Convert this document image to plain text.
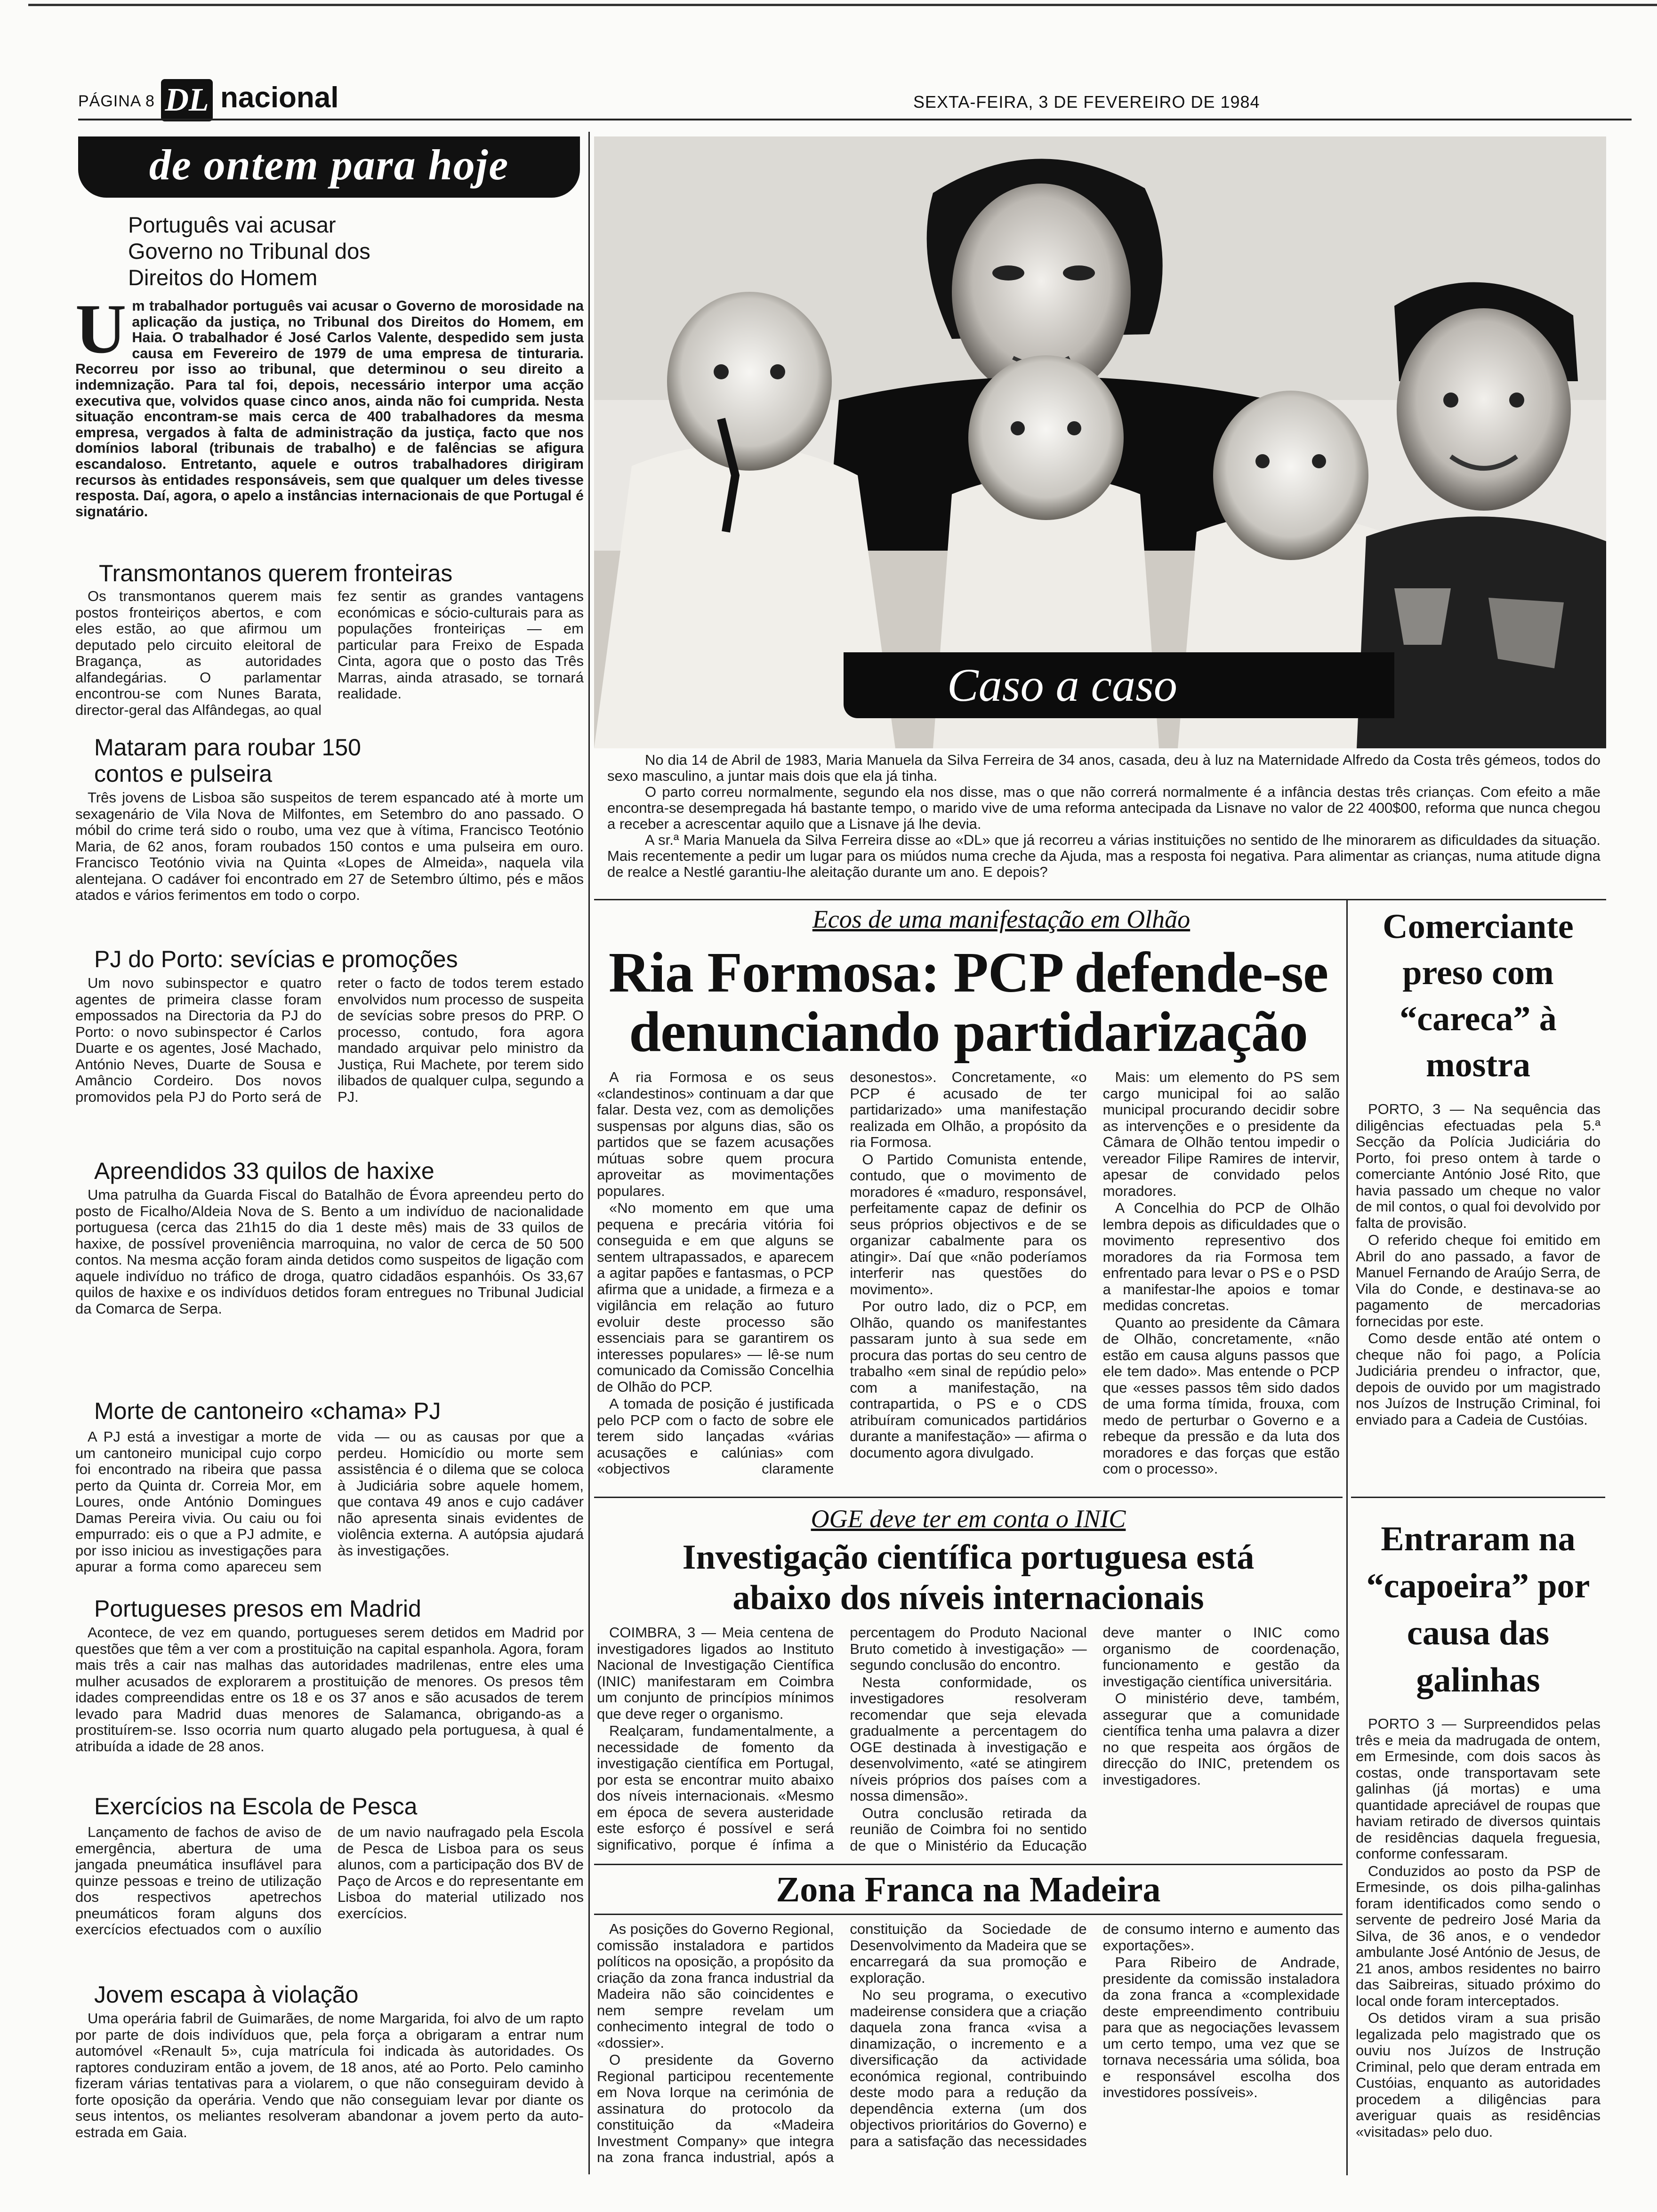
PÁGINA 8 DL nacional	SEXTA-FEIRA, 3 DE FEVEREIRO DE 1984
de ontem para hoje
Português vai acusar Governo no Tribunal dos Direitos do Homem
U m trabalhador português vai acusar o Governo de morosidade na aplicação da justiça, no Tribunal dos Direitos do Homem, em Haia. O trabalhador é José Carlos Valente, despedido sem justa causa em Fevereiro de 1979 de uma empresa de tinturaria. Recorreu por isso ao tribunal, que determinou o seu direito a indemnização. Para tal foi, depois, necessário interpor uma acção executiva que, volvidos quase cinco anos, ainda não foi cumprida. Nesta situação encontram-se mais cerca de 400 trabalhadores da mesma empresa, vergados à falta de administração da justiça, facto que nos domínios laboral (tribunais de trabalho) e de falências se afigura escandaloso. Entretanto, aquele e outros trabalhadores dirigiram recursos às entidades responsáveis, sem que qualquer um deles tivesse resposta. Daí, agora, o apelo a instâncias internacionais de que Portugal é signatário.
Transmontanos querem fronteiras
Os transmontanos querem mais postos fronteiriços abertos, e com eles estão, ao que afirmou um deputado pelo circuito eleitoral de Bragança, as autoridades alfandegárias. O parlamentar encontrou-se com Nunes Barata, director-geral das Alfândegas, ao qual fez sentir as grandes vantagens económicas e sócio-culturais para as populações fronteiriças — em particular para Freixo de Espada Cinta, agora que o posto das Três Marras, ainda atrasado, se tornará realidade.
Mataram para roubar 150 contos e pulseira
Três jovens de Lisboa são suspeitos de terem espancado até à morte um sexagenário de Vila Nova de Milfontes, em Setembro do ano passado. O móbil do crime terá sido o roubo, uma vez que à vítima, Francisco Teotónio Maria, de 62 anos, foram roubados 150 contos e uma pulseira em ouro. Francisco Teotónio vivia na Quinta «Lopes de Almeida», naquela vila alentejana. O cadáver foi encontrado em 27 de Setembro último, pés e mãos atados e vários ferimentos em todo o corpo.
PJ do Porto: sevícias e promoções
Um novo subinspector e quatro agentes de primeira classe foram empossados na Directoria da PJ do Porto: o novo subinspector é Carlos Duarte e os agentes, José Machado, António Neves, Duarte de Sousa e Amâncio Cordeiro. Dos novos promovidos pela PJ do Porto será de reter o facto de todos terem estado envolvidos num processo de suspeita de sevícias sobre presos do PRP. O processo, contudo, fora agora mandado arquivar pelo ministro da Justiça, Rui Machete, por terem sido ilibados de qualquer culpa, segundo a PJ.
Apreendidos 33 quilos de haxixe
Uma patrulha da Guarda Fiscal do Batalhão de Évora apreendeu perto do posto de Ficalho/Aldeia Nova de S. Bento a um indivíduo de nacionalidade portuguesa (cerca das 21h15 do dia 1 deste mês) mais de 33 quilos de haxixe, de possível proveniência marroquina, no valor de cerca de 50 500 contos. Na mesma acção foram ainda detidos como suspeitos de ligação com aquele indivíduo no tráfico de droga, quatro cidadãos espanhóis. Os 33,67 quilos de haxixe e os indivíduos detidos foram entregues no Tribunal Judicial da Comarca de Serpa.
Morte de cantoneiro «chama» PJ
A PJ está a investigar a morte de um cantoneiro municipal cujo corpo foi encontrado na ribeira que passa perto da Quinta dr. Correia Mor, em Loures, onde António Domingues Damas Pereira vivia. Ou caiu ou foi empurrado: eis o que a PJ admite, e por isso iniciou as investigações para apurar a forma como apareceu sem vida — ou as causas por que a perdeu. Homicídio ou morte sem assistência é o dilema que se coloca à Judiciária sobre aquele homem, que contava 49 anos e cujo cadáver não apresenta sinais evidentes de violência externa. A autópsia ajudará às investigações.
Portugueses presos em Madrid
Acontece, de vez em quando, portugueses serem detidos em Madrid por questões que têm a ver com a prostituição na capital espanhola. Agora, foram mais três a cair nas malhas das autoridades madrilenas, entre eles uma mulher acusados de explorarem a prostituição de menores. Os presos têm idades compreendidas entre os 18 e os 37 anos e são acusados de terem levado para Madrid duas menores de Salamanca, obrigando-as a prostituírem-se. Isso ocorria num quarto alugado pela portuguesa, à qual é atribuída a idade de 28 anos.
Exercícios na Escola de Pesca
Lançamento de fachos de aviso de emergência, abertura de uma jangada pneumática insuflável para quinze pessoas e treino de utilização dos respectivos apetrechos pneumáticos foram alguns dos exercícios efectuados com o auxílio de um navio naufragado pela Escola de Pesca de Lisboa para os seus alunos, com a participação dos BV de Paço de Arcos e do representante em Lisboa do material utilizado nos exercícios.
Jovem escapa à violação
Uma operária fabril de Guimarães, de nome Margarida, foi alvo de um rapto por parte de dois indivíduos que, pela força a obrigaram a entrar num automóvel «Renault 5», cuja matrícula foi indicada às autoridades. Os raptores conduziram então a jovem, de 18 anos, até ao Porto. Pelo caminho fizeram várias tentativas para a violarem, o que não conseguiram devido à forte oposição da operária. Vendo que não conseguiam levar por diante os seus intentos, os meliantes resolveram abandonar a jovem perto da auto-estrada em Gaia.
Caso a caso

No dia 14 de Abril de 1983, Maria Manuela da Silva Ferreira de 34 anos, casada, deu à luz na Maternidade Alfredo da Costa três gémeos, todos do sexo masculino, a juntar mais dois que ela já tinha.

O parto correu normalmente, segundo ela nos disse, mas o que não correrá normalmente é a infância destas três crianças. Com efeito a mãe encontra-se desempregada há bastante tempo, o marido vive de uma reforma antecipada da Lisnave no valor de 22 400$00, reforma que nunca chegou a receber a acrescentar aquilo que a Lisnave já lhe devia.

A sr.ª Maria Manuela da Silva Ferreira disse ao «DL» que já recorreu a várias instituições no sentido de lhe minorarem as dificuldades da situação. Mais recentemente a pedir um lugar para os miúdos numa creche da Ajuda, mas a resposta foi negativa. Para alimentar as crianças, numa atitude digna de realce a Nestlé garantiu-lhe aleitação durante um ano. E depois?

Ecos de uma manifestação em Olhão
Ria Formosa: PCP defende-se denunciando partidarização

A ria Formosa e os seus «clandestinos» continuam a dar que falar. Desta vez, com as demolições suspensas por alguns dias, são os partidos que se fazem acusações mútuas sobre quem procura aproveitar as movimentações populares.

«No momento em que uma pequena e precária vitória foi conseguida e em que alguns se sentem ultrapassados, e aparecem a agitar papões e fantasmas, o PCP afirma que a unidade, a firmeza e a vigilância em relação ao futuro evoluir deste processo são essenciais para se garantirem os interesses populares» — lê-se num comunicado da Comissão Concelhia de Olhão do PCP.

A tomada de posição é justificada pelo PCP com o facto de sobre ele terem sido lançadas «várias acusações e calúnias» com «objectivos claramente desonestos». Concretamente, «o PCP é acusado de ter partidarizado» uma manifestação realizada em Olhão, a propósito da ria Formosa.

O Partido Comunista entende, contudo, que o movimento de moradores é «maduro, responsável, perfeitamente capaz de definir os seus próprios objectivos e de se organizar cabalmente para os atingir». Daí que «não poderíamos interferir nas questões do movimento».

Por outro lado, diz o PCP, em Olhão, quando os manifestantes passaram junto à sua sede em procura das portas do seu centro de trabalho «em sinal de repúdio pelo» com a manifestação, na contrapartida, o PS e o CDS atribuíram comunicados partidários durante a manifestação» — afirma o documento agora divulgado.

Mais: um elemento do PS sem cargo municipal foi ao salão municipal procurando decidir sobre as intervenções e o presidente da Câmara de Olhão tentou impedir o vereador Filipe Ramires de intervir, apesar de convidado pelos moradores.

A Concelhia do PCP de Olhão lembra depois as dificuldades que o movimento representivo dos moradores da ria Formosa tem enfrentado para levar o PS e o PSD a manifestar-lhe apoios e tomar medidas concretas.

Quanto ao presidente da Câmara de Olhão, concretamente, «não estão em causa alguns passos que ele tem dado». Mas entende o PCP que «esses passos têm sido dados de uma forma tímida, frouxa, com medo de perturbar o Governo e a rebeque da pressão e da luta dos moradores e das forças que estão com o processo».

Comerciante preso com “careca” à mostra

PORTO, 3 — Na sequência das diligências efectuadas pela 5.ª Secção da Polícia Judiciária do Porto, foi preso ontem à tarde o comerciante António José Rito, que havia passado um cheque no valor de mil contos, o qual foi devolvido por falta de provisão.

O referido cheque foi emitido em Abril do ano passado, a favor de Manuel Fernando de Araújo Serra, de Vila do Conde, e destinava-se ao pagamento de mercadorias fornecidas por este.

Como desde então até ontem o cheque não foi pago, a Polícia Judiciária prendeu o infractor, que, depois de ouvido por um magistrado nos Juízos de Instrução Criminal, foi enviado para a Cadeia de Custóias.

Entraram na “capoeira” por causa das galinhas

PORTO 3 — Surpreendidos pelas três e meia da madrugada de ontem, em Ermesinde, com dois sacos às costas, onde transportavam sete galinhas (já mortas) e uma quantidade apreciável de roupas que haviam retirado de diversos quintais de residências daquela freguesia, conforme confessaram.

Conduzidos ao posto da PSP de Ermesinde, os dois pilha-galinhas foram identificados como sendo o servente de pedreiro José Maria da Silva, de 36 anos, e o vendedor ambulante José António de Jesus, de 21 anos, ambos residentes no bairro das Saibreiras, situado próximo do local onde foram interceptados.

Os detidos viram a sua prisão legalizada pelo magistrado que os ouviu nos Juízos de Instrução Criminal, pelo que deram entrada em Custóias, enquanto as autoridades procedem a diligências para averiguar quais as residências «visitadas» pelo duo.

OGE deve ter em conta o INIC
Investigação científica portuguesa está abaixo dos níveis internacionais

COIMBRA, 3 — Meia centena de investigadores ligados ao Instituto Nacional de Investigação Científica (INIC) manifestaram em Coimbra um conjunto de princípios mínimos que deve reger o organismo.

Realçaram, fundamentalmente, a necessidade de fomento da investigação científica em Portugal, por esta se encontrar muito abaixo dos níveis internacionais. «Mesmo em época de severa austeridade este esforço é possível e será significativo, porque é ínfima a percentagem do Produto Nacional Bruto cometido à investigação» — segundo conclusão do encontro.

Nesta conformidade, os investigadores resolveram recomendar que seja elevada gradualmente a percentagem do OGE destinada à investigação e desenvolvimento, «até se atingirem níveis próprios dos países com a nossa dimensão».

Outra conclusão retirada da reunião de Coimbra foi no sentido de que o Ministério da Educação deve manter o INIC como organismo de coordenação, funcionamento e gestão da investigação científica universitária.

O ministério deve, também, assegurar que a comunidade científica tenha uma palavra a dizer no que respeita aos órgãos de direcção do INIC, pretendem os investigadores.

Zona Franca na Madeira

As posições do Governo Regional, comissão instaladora e partidos políticos na oposição, a propósito da criação da zona franca industrial da Madeira não são coincidentes e nem sempre revelam um conhecimento integral de todo o «dossier».

O presidente da Governo Regional participou recentemente em Nova Iorque na cerimónia de assinatura do protocolo da constituição da «Madeira Investment Company» que integra na zona franca industrial, após a constituição da Sociedade de Desenvolvimento da Madeira que se encarregará da sua promoção e exploração.

No seu programa, o executivo madeirense considera que a criação daquela zona franca «visa a dinamização, o incremento e a diversificação da actividade económica regional, contribuindo deste modo para a redução da dependência externa (um dos objectivos prioritários do Governo) e para a satisfação das necessidades de consumo interno e aumento das exportações».

Para Ribeiro de Andrade, presidente da comissão instaladora da zona franca a «complexidade deste empreendimento contribuiu para que as negociações levassem um certo tempo, uma vez que se tornava necessária uma sólida, boa e responsável escolha dos investidores possíveis».
